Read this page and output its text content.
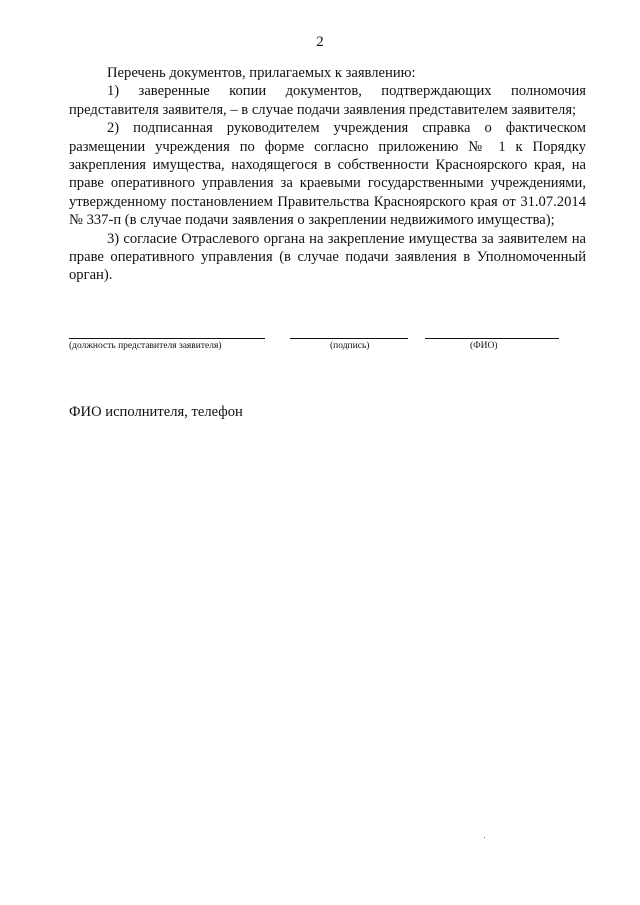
2

Перечень документов, прилагаемых к заявлению:

1) заверенные копии документов, подтверждающих полномочия представителя заявителя, – в случае подачи заявления представителем заявителя;

2) подписанная руководителем учреждения справка о фактическом размещении учреждения по форме согласно приложению № 1 к Порядку закрепления имущества, находящегося в собственности Красноярского края, на праве оперативного управления за краевыми государственными учреждениями, утвержденному постановлением Правительства Красноярского края от 31.07.2014 № 337-п (в случае подачи заявления о закреплении недвижимого имущества);

3) согласие Отраслевого органа на закрепление имущества за заявителем на праве оперативного управления (в случае подачи заявления в Уполномоченный орган).

(должность представителя заявителя)	(подпись)	(ФИО)
ФИО исполнителя, телефон
